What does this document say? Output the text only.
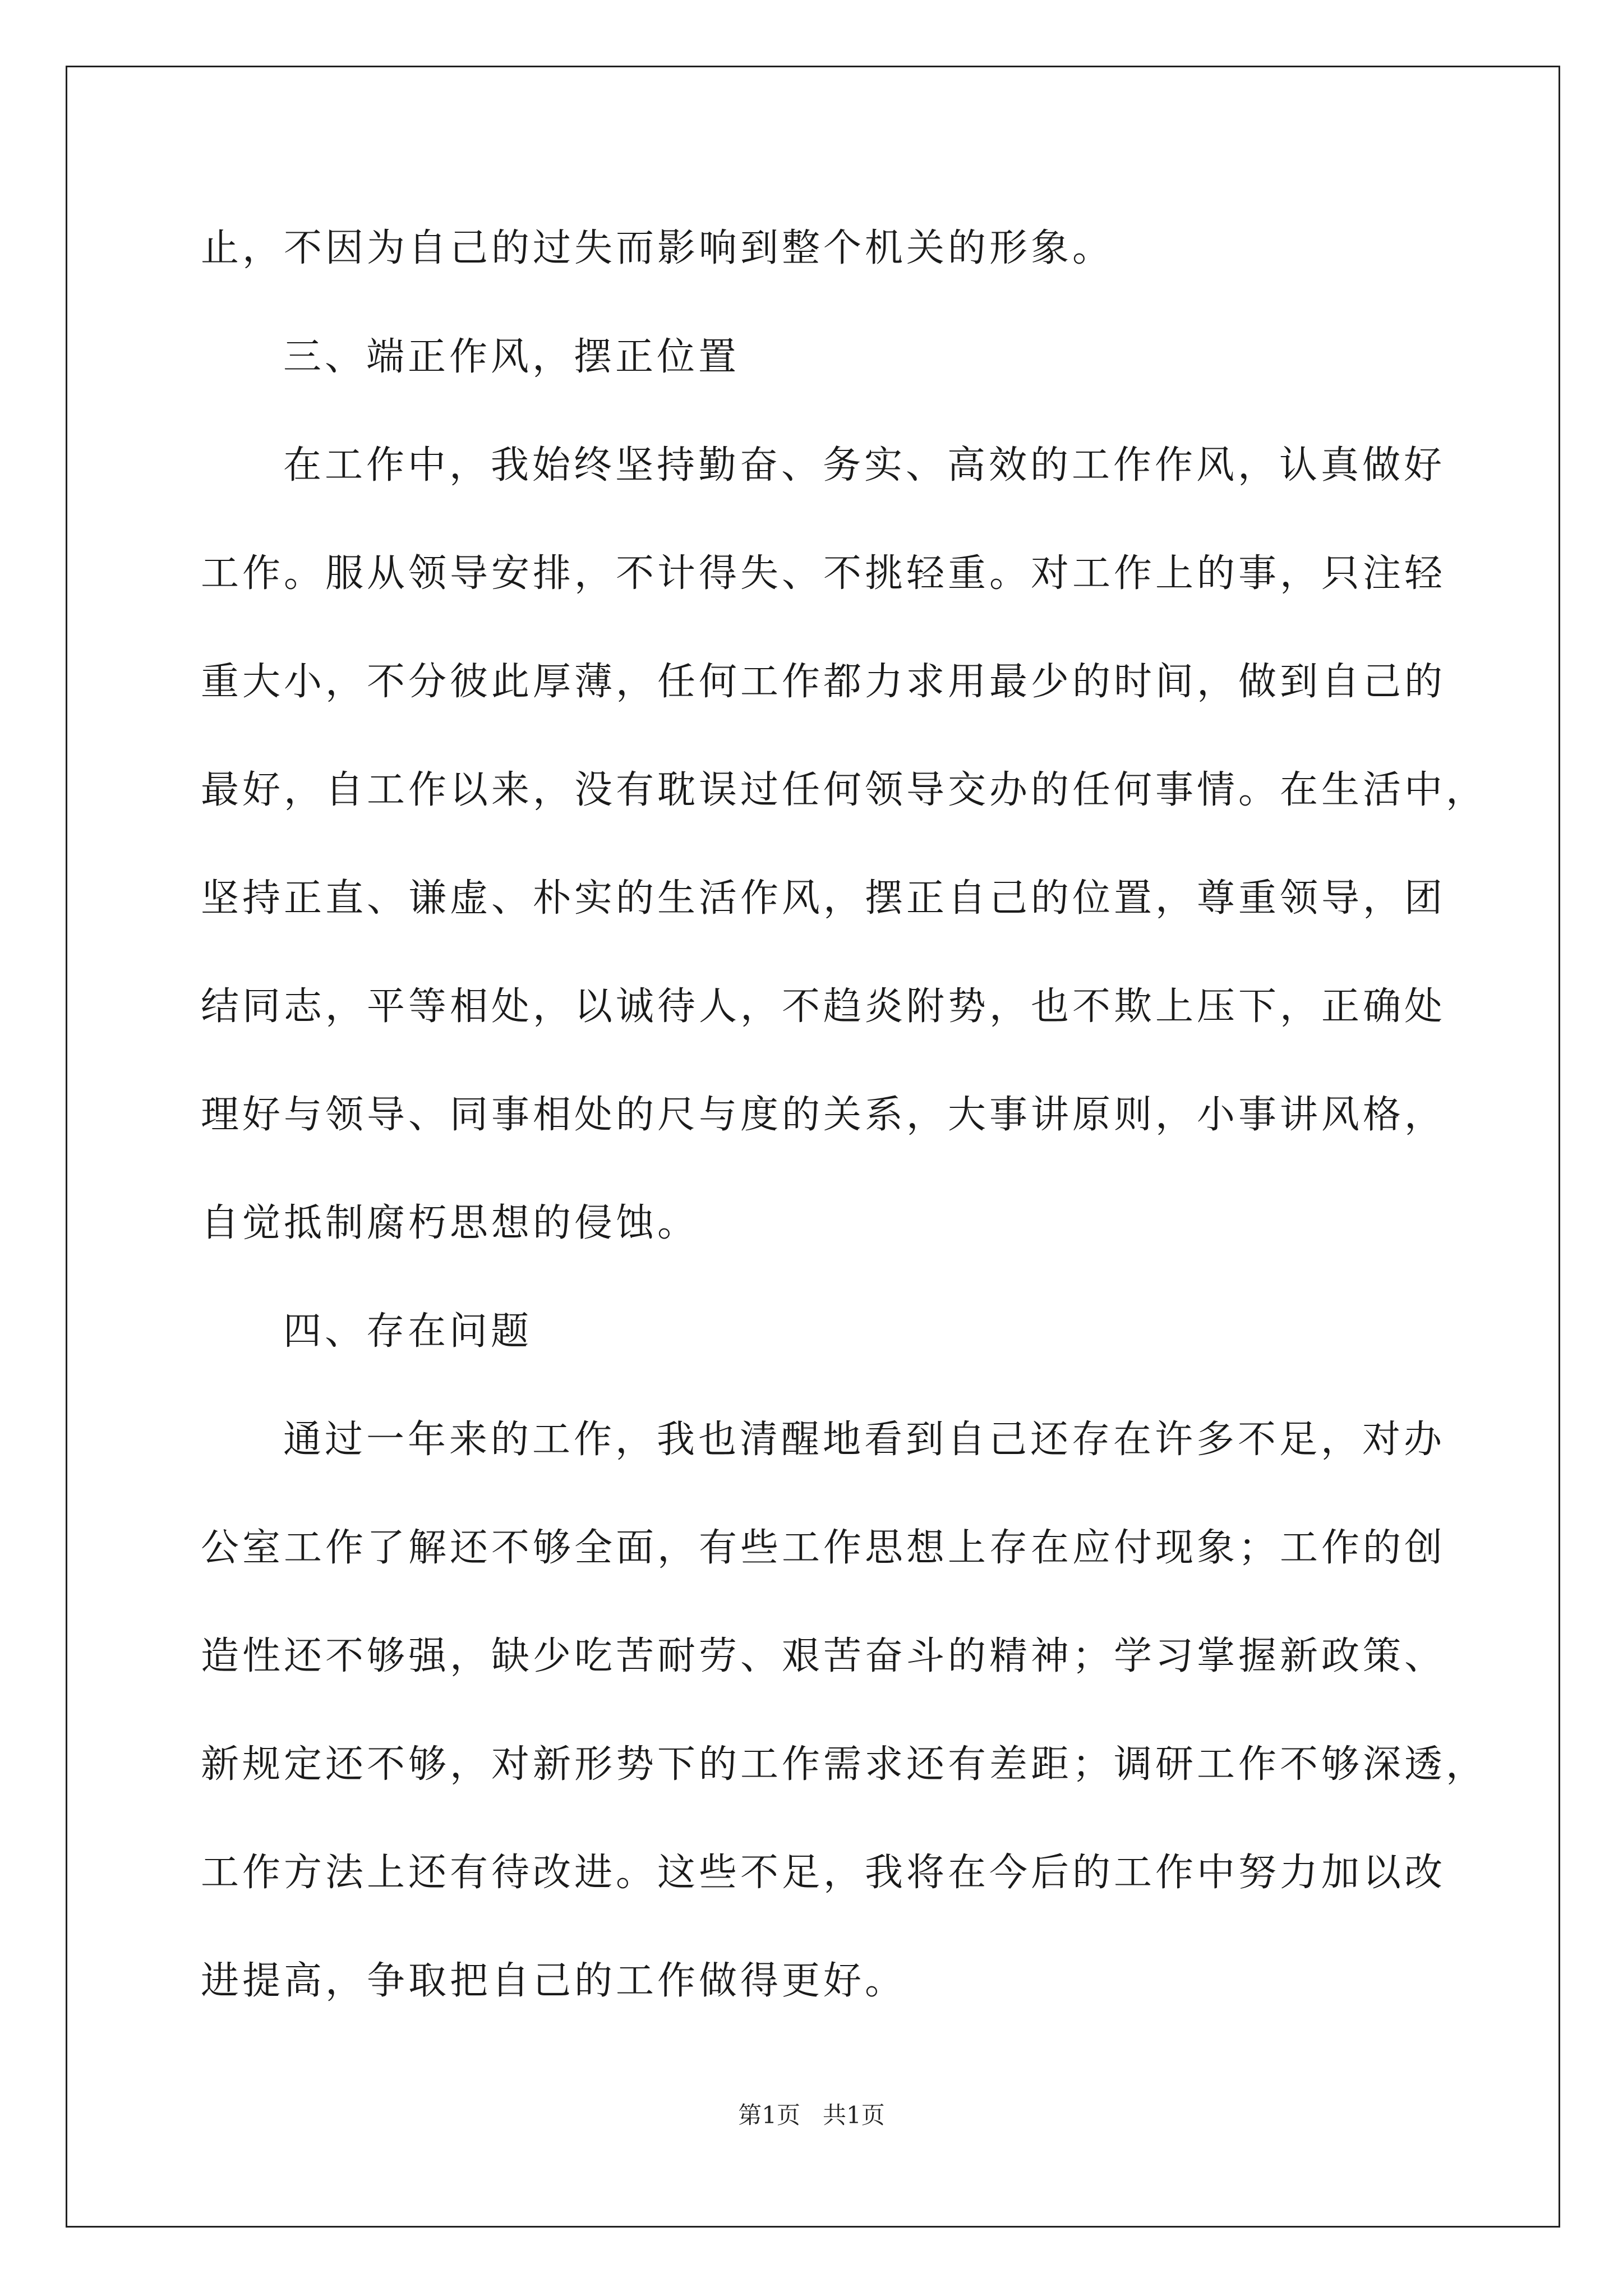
止，不因为自己的过失而影响到整个机关的形象。
三、端正作风，摆正位置
在工作中，我始终坚持勤奋、务实、高效的工作作风，认真做好
工作。服从领导安排，不计得失、不挑轻重。对工作上的事，只注轻
重大小，不分彼此厚薄，任何工作都力求用最少的时间，做到自己的
最好，自工作以来，没有耽误过任何领导交办的任何事情。在生活中，
坚持正直、谦虚、朴实的生活作风，摆正自己的位置，尊重领导，团
结同志，平等相处，以诚待人，不趋炎附势，也不欺上压下，正确处
理好与领导、同事相处的尺与度的关系，大事讲原则，小事讲风格，
自觉抵制腐朽思想的侵蚀。
四、存在问题
通过一年来的工作，我也清醒地看到自己还存在许多不足，对办
公室工作了解还不够全面，有些工作思想上存在应付现象；工作的创
造性还不够强，缺少吃苦耐劳、艰苦奋斗的精神；学习掌握新政策、
新规定还不够，对新形势下的工作需求还有差距；调研工作不够深透，
工作方法上还有待改进。这些不足，我将在今后的工作中努力加以改
进提高，争取把自己的工作做得更好。
第1页   共1页
